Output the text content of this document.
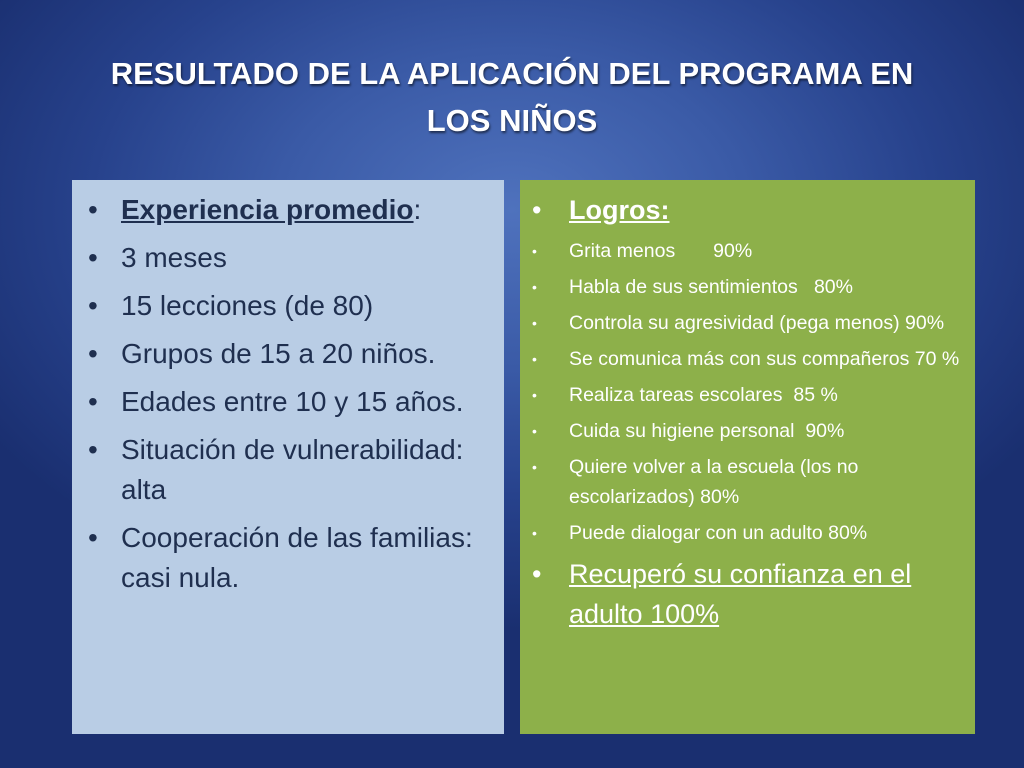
RESULTADO DE LA APLICACIÓN DEL PROGRAMA EN
LOS NIÑOS
• Experiencia promedio:
• 3 meses
• 15 lecciones (de 80)
• Grupos de 15 a 20 niños.
• Edades entre 10 y 15 años.
• Situación de vulnerabilidad: alta
• Cooperación de las familias: casi nula.
• Logros:
• Grita menos       90%
• Habla de sus sentimientos   80%
• Controla su agresividad (pega menos) 90%
• Se comunica más con sus compañeros 70 %
• Realiza tareas escolares  85 %
• Cuida su higiene personal  90%
• Quiere volver a la escuela (los no escolarizados) 80%
• Puede dialogar con un adulto 80%
• Recuperó su confianza en el adulto 100%
